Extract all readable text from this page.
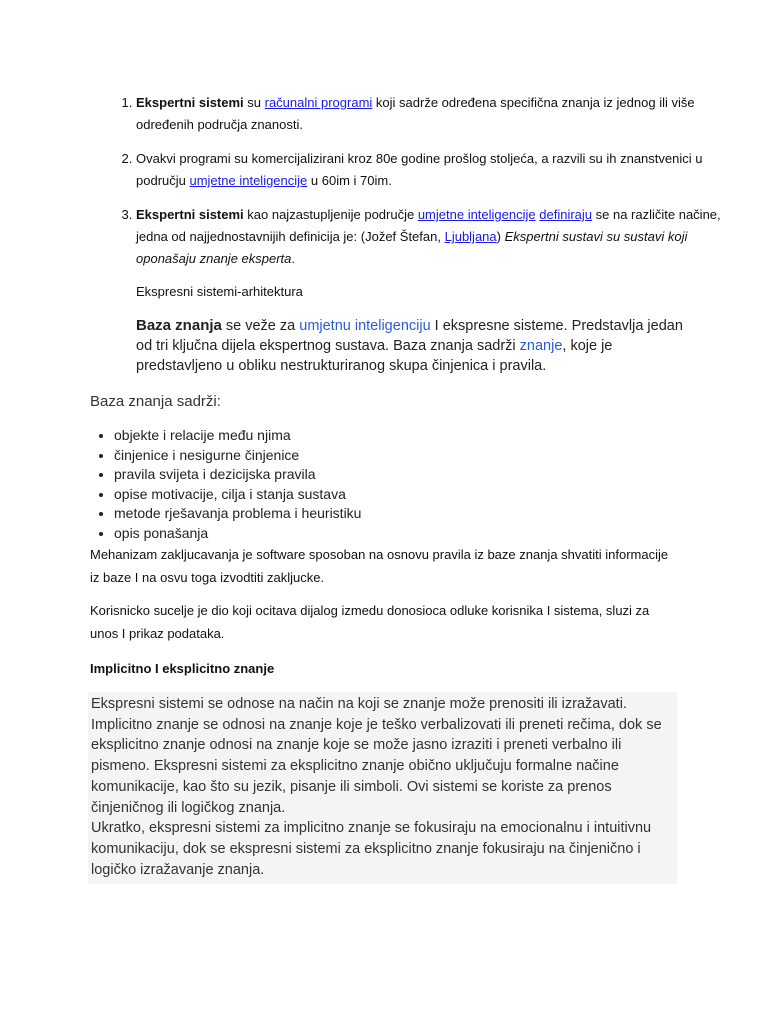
1. Ekspertni sistemi su računalni programi koji sadrže određena specifična znanja iz jednog ili više određenih područja znanosti.
2. Ovakvi programi su komercijalizirani kroz 80e godine prošlog stoljeća, a razvili su ih znanstvenici u području umjetne inteligencije u 60im i 70im.
3. Ekspertni sistemi kao najzastupljenije područje umjetne inteligencije definiraju se na različite načine, jedna od najjednostavnijih definicija je: (Jožef Štefan, Ljubljana) Ekspertni sustavi su sustavi koji oponašaju znanje eksperta.
Ekspresni sistemi-arhitektura
Baza znanja se veže za umjetnu inteligenciju I ekspresne sisteme. Predstavlja jedan od tri ključna dijela ekspertnog sustava. Baza znanja sadrži znanje, koje je predstavljeno u obliku nestrukturiranog skupa činjenica i pravila.
Baza znanja sadrži:
• objekte i relacije među njima
• činjenice i nesigurne činjenice
• pravila svijeta i dezicijska pravila
• opise motivacije, cilja i stanja sustava
• metode rješavanja problema i heuristiku
• opis ponašanja
Mehanizam zakljucavanja je software sposoban na osnovu pravila iz baze znanja shvatiti informacije iz baze I na osvu toga izvodtiti zakljucke.
Korisnicko sucelje je dio koji ocitava dijalog izmedu donosioca odluke korisnika I sistema, sluzi za unos I prikaz podataka.
Implicitno I eksplicitno znanje

Ekspresni sistemi se odnose na način na koji se znanje može prenositi ili izražavati. Implicitno znanje se odnosi na znanje koje je teško verbalizovati ili preneti rečima, dok se eksplicitno znanje odnosi na znanje koje se može jasno izraziti i preneti verbalno ili pismeno. Ekspresni sistemi za eksplicitno znanje obično uključuju formalne načine komunikacije, kao što su jezik, pisanje ili simboli. Ovi sistemi se koriste za prenos činjeničnog ili logičkog znanja.

Ukratko, ekspresni sistemi za implicitno znanje se fokusiraju na emocionalnu i intuitivnu komunikaciju, dok se ekspresni sistemi za eksplicitno znanje fokusiraju na činjenično i logičko izražavanje znanja.
